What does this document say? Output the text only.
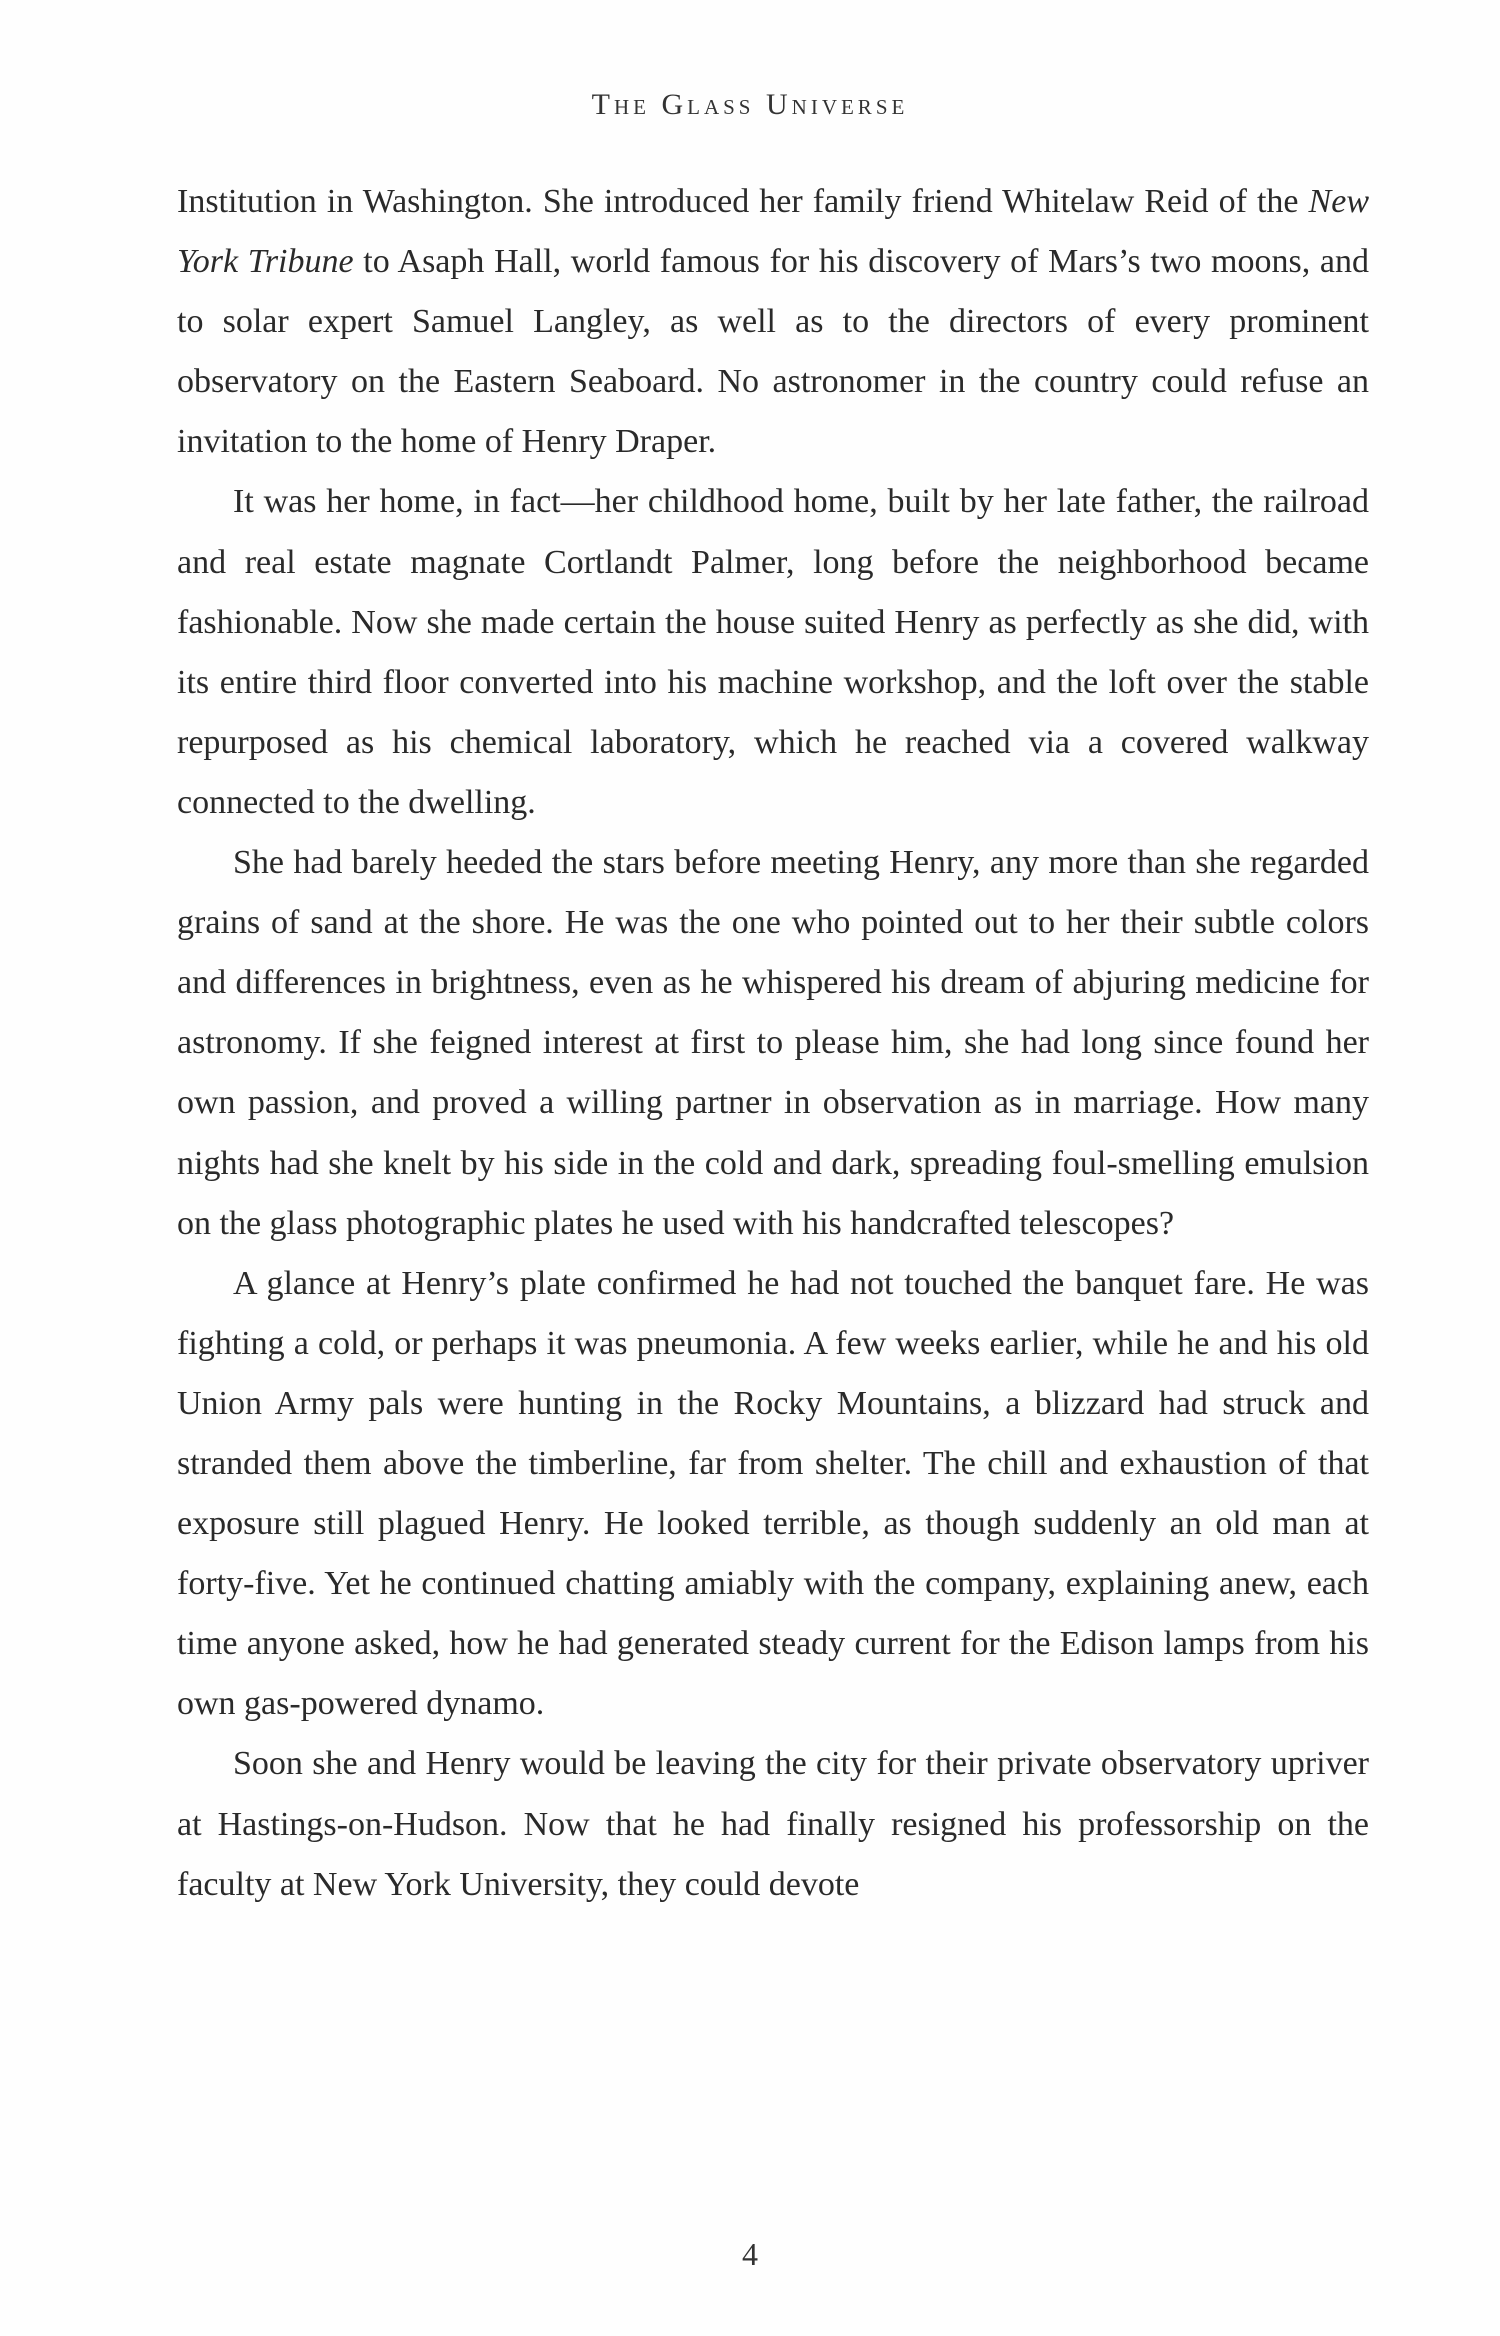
The Glass Universe

Institution in Washington. She introduced her family friend Whitelaw Reid of the New York Tribune to Asaph Hall, world famous for his discovery of Mars’s two moons, and to solar expert Samuel Langley, as well as to the directors of every prominent observatory on the Eastern Seaboard. No astronomer in the country could refuse an invitation to the home of Henry Draper.

It was her home, in fact—her childhood home, built by her late father, the railroad and real estate magnate Cortlandt Palmer, long before the neighborhood became fashionable. Now she made certain the house suited Henry as perfectly as she did, with its entire third floor converted into his machine workshop, and the loft over the stable repurposed as his chemical laboratory, which he reached via a covered walkway connected to the dwelling.

She had barely heeded the stars before meeting Henry, any more than she regarded grains of sand at the shore. He was the one who pointed out to her their subtle colors and differences in brightness, even as he whispered his dream of abjuring medicine for astronomy. If she feigned interest at first to please him, she had long since found her own passion, and proved a willing partner in observation as in marriage. How many nights had she knelt by his side in the cold and dark, spreading foul-smelling emulsion on the glass photographic plates he used with his handcrafted telescopes?

A glance at Henry’s plate confirmed he had not touched the banquet fare. He was fighting a cold, or perhaps it was pneumonia. A few weeks earlier, while he and his old Union Army pals were hunting in the Rocky Mountains, a blizzard had struck and stranded them above the timberline, far from shelter. The chill and exhaustion of that exposure still plagued Henry. He looked terrible, as though suddenly an old man at forty-five. Yet he continued chatting amiably with the company, explaining anew, each time anyone asked, how he had generated steady current for the Edison lamps from his own gas-powered dynamo.

Soon she and Henry would be leaving the city for their private observatory upriver at Hastings-on-Hudson. Now that he had finally resigned his professorship on the faculty at New York University, they could devote

4
